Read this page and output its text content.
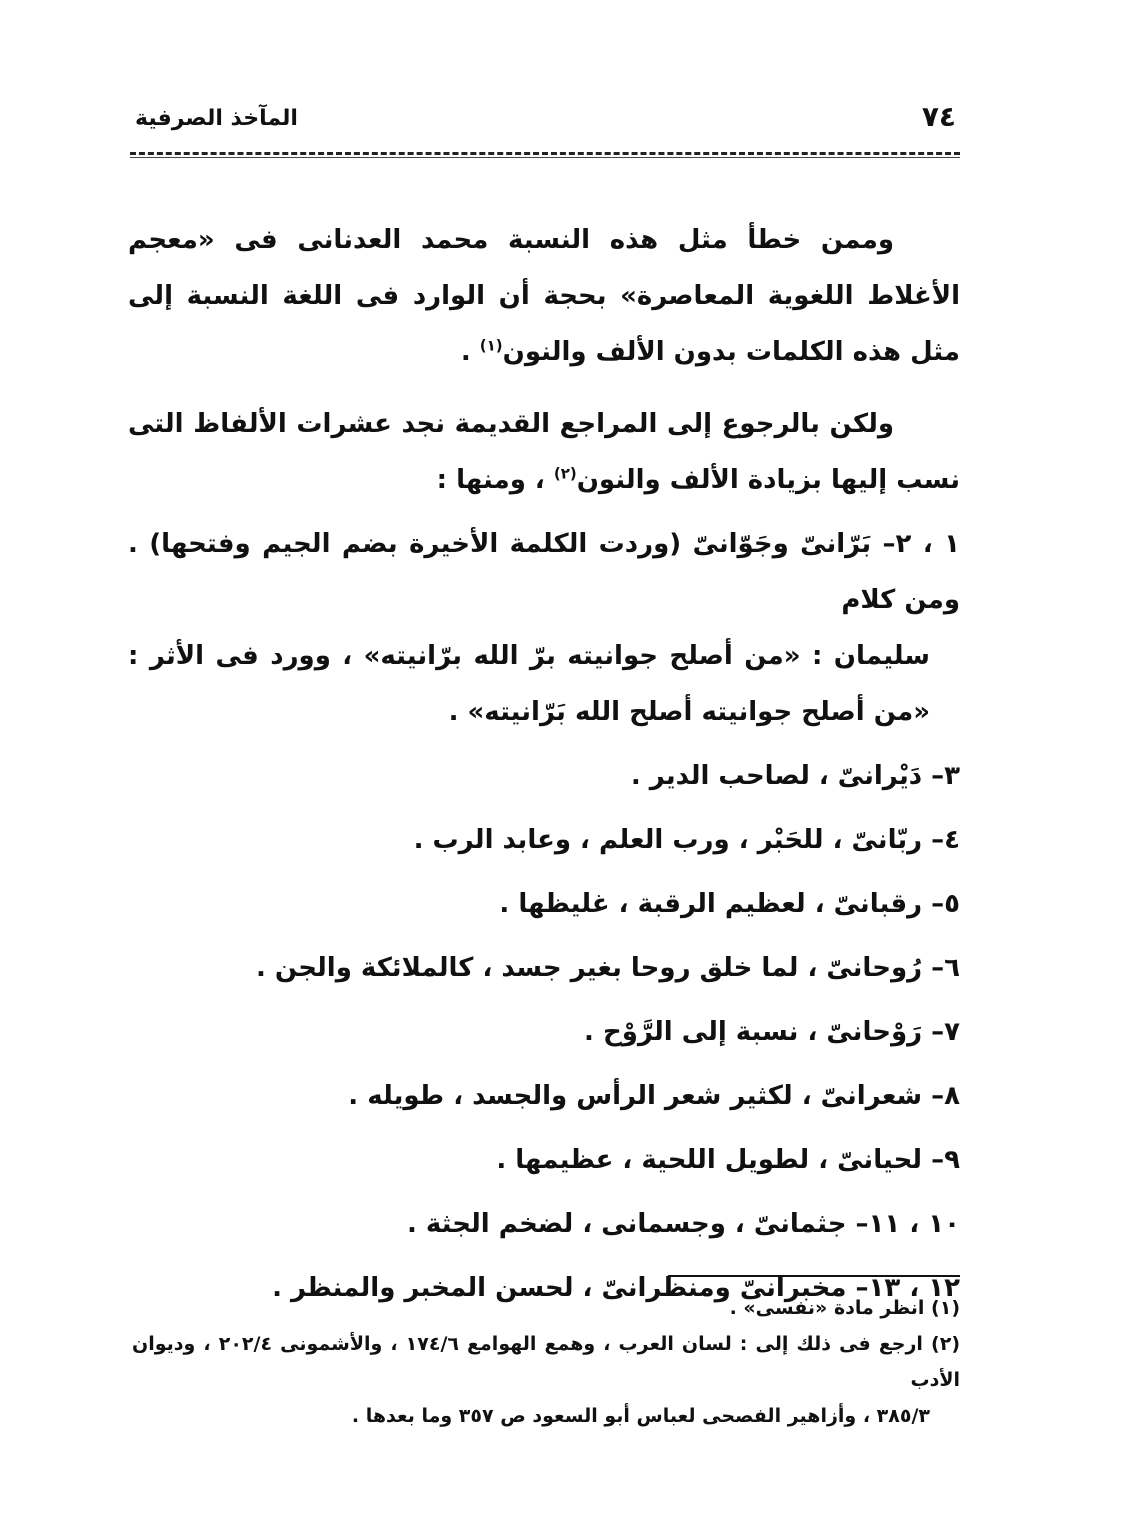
المآخذ الصرفية	٧٤

وممن خطأ مثل هذه النسبة محمد العدنانى فى «معجم الأغلاط اللغوية المعاصرة» بحجة أن الوارد فى اللغة النسبة إلى مثل هذه الكلمات بدون الألف والنون$^{(١)}$ .

ولكن بالرجوع إلى المراجع القديمة نجد عشرات الألفاظ التى نسب إليها بزيادة الألف والنون$^{(٢)}$ ، ومنها :

١ ، ٢– بَرّانىّ وجَوّانىّ (وردت الكلمة الأخيرة بضم الجيم وفتحها) . ومن كلام
سليمان : «من أصلح جوانيته برّ الله برّانيته» ، وورد فى الأثر : «من أصلح جوانيته أصلح الله بَرّانيته» .
٣– دَيْرانىّ ، لصاحب الدير .
٤– ربّانىّ ، للحَبْر ، ورب العلم ، وعابد الرب .
٥– رقبانىّ ، لعظيم الرقبة ، غليظها .
٦– رُوحانىّ ، لما خلق روحا بغير جسد ، كالملائكة والجن .
٧– رَوْحانىّ ، نسبة إلى الرَّوْح .
٨– شعرانىّ ، لكثير شعر الرأس والجسد ، طويله .
٩– لحيانىّ ، لطويل اللحية ، عظيمها .
١٠ ، ١١– جثمانىّ ، وجسمانى ، لضخم الجثة .
١٢ ، ١٣– مخبرانىّ ومنظرانىّ ، لحسن المخبر والمنظر .

(١) انظر مادة «نفسى» .

(٢) ارجع فى ذلك إلى : لسان العرب ، وهمع الهوامع ١٧٤/٦ ، والأشمونى ٢٠٢/٤ ، وديوان الأدب

٣٨٥/٣ ، وأزاهير الفصحى لعباس أبو السعود ص ٣٥٧ وما بعدها .
